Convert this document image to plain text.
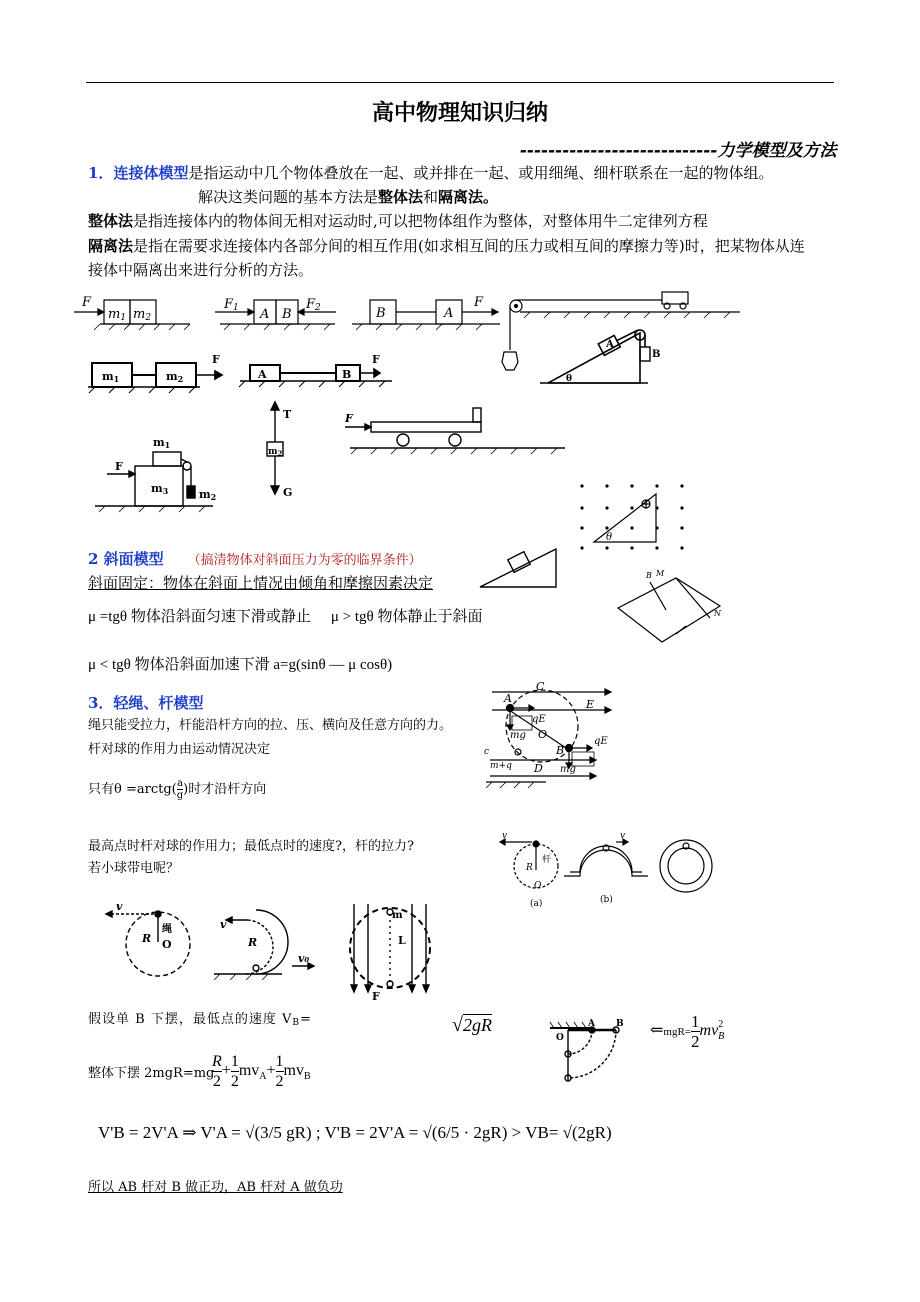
高中物理知识归纳
----------------------------力学模型及方法
1．连接体模型是指运动中几个物体叠放在一起、或并排在一起、或用细绳、细杆联系在一起的物体组。
解决这类问题的基本方法是整体法和隔离法。
整体法是指连接体内的物体间无相对运动时,可以把物体组作为整体，对整体用牛二定律列方程
隔离法是指在需要求连接体内各部分间的相互作用(如求相互间的压力或相互间的摩擦力等)时，把某物体从连
接体中隔离出来进行分析的方法。
F
m1 m2
F1 A B
F2	B	A
F
m1	m2
F
A	B
F
A
B
θ
T
$m_2$
G
F
m1
F
m3	m2
θ
2 斜面模型 （搞清物体对斜面压力为零的临界条件）
斜面固定：物体在斜面上情况由倾角和摩擦因素决定	B M
N
μ =tgθ 物体沿斜面匀速下滑或静止 μ > tgθ 物体静止于斜面
μ < tgθ 物体沿斜面加速下滑 a=g(sinθ — μ cosθ)
3．轻绳、杆模型
绳只能受拉力，杆能沿杆方向的拉、压、横向及任意方向的力。
杆对球的作用力由运动情况决定
只有θ =arctg( $\frac{a}{g}$ )时才沿杆方向
C
E
A
qE
mg O
B
qE
mg
D
c
m+q
最高点时杆对球的作用力；最低点时的速度?，杆的拉力?
若小球带电呢？	R
杆
O
v
(a)	(b)
v
v
R
绳
O
v
R
v₀
m
L
F
假设单 B 下摆，最低点的速度 VB=	√2gR	A B
O	⇐mgR= $\frac{1}{2} mv_B^2$
整体下摆 2mgR=mg
$\frac{R}{2} + \frac{1}{2} mv_A+ \frac{1}{2} mv_B$
V'B = 2V'A ⇒ V'A = √(3/5 gR) ; V'B = 2V'A = √(6/5 · 2gR) > VB= √(2gR)
所以 AB 杆对 B 做正功，AB 杆对 A 做负功
